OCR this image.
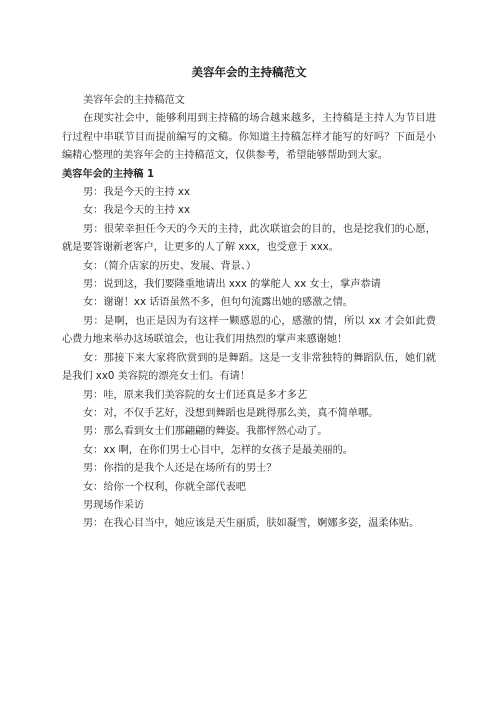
美容年会的主持稿范文

美容年会的主持稿范文

在现实社会中，能够利用到主持稿的场合越来越多，主持稿是主持人为节目进行过程中串联节目而提前编写的文稿。你知道主持稿怎样才能写的好吗？下面是小编精心整理的美容年会的主持稿范文，仅供参考，希望能够帮助到大家。

美容年会的主持稿 1

男：我是今天的主持 xx

女：我是今天的主持 xx

男：很荣幸担任今天的今天的主持，此次联谊会的目的，也是挖我们的心愿，就是要答谢新老客户，让更多的人了解 xxx，也受意于 xxx。

女：（简介店家的历史、发展、背景、）

男：说到这，我们要隆重地请出 xxx 的掌舵人 xx 女士，掌声恭请

女：谢谢！xx 话语虽然不多，但句句流露出她的感激之情。

男：是啊，也正是因为有这样一颗感恩的心，感激的情，所以 xx 才会如此费心费力地来举办这场联谊会，也让我们用热烈的掌声来感谢她！

女：那接下来大家将欣赏到的是舞蹈。这是一支非常独特的舞蹈队伍，她们就是我们 xx0 美容院的漂亮女士们。有请！

男：哇，原来我们美容院的女士们还真是多才多艺

女：对，不仅手艺好，没想到舞蹈也是跳得那么美，真不简单哪。

男：那么看到女士们那翩翩的舞姿。我都怦然心动了。

女：xx 啊，在你们男士心目中，怎样的女孩子是最美丽的。

男：你指的是我个人还是在场所有的男士？

女：给你一个权利，你就全部代表吧

男现场作采访

男：在我心目当中，她应该是天生丽质，肤如凝雪，婀娜多姿，温柔体贴。
